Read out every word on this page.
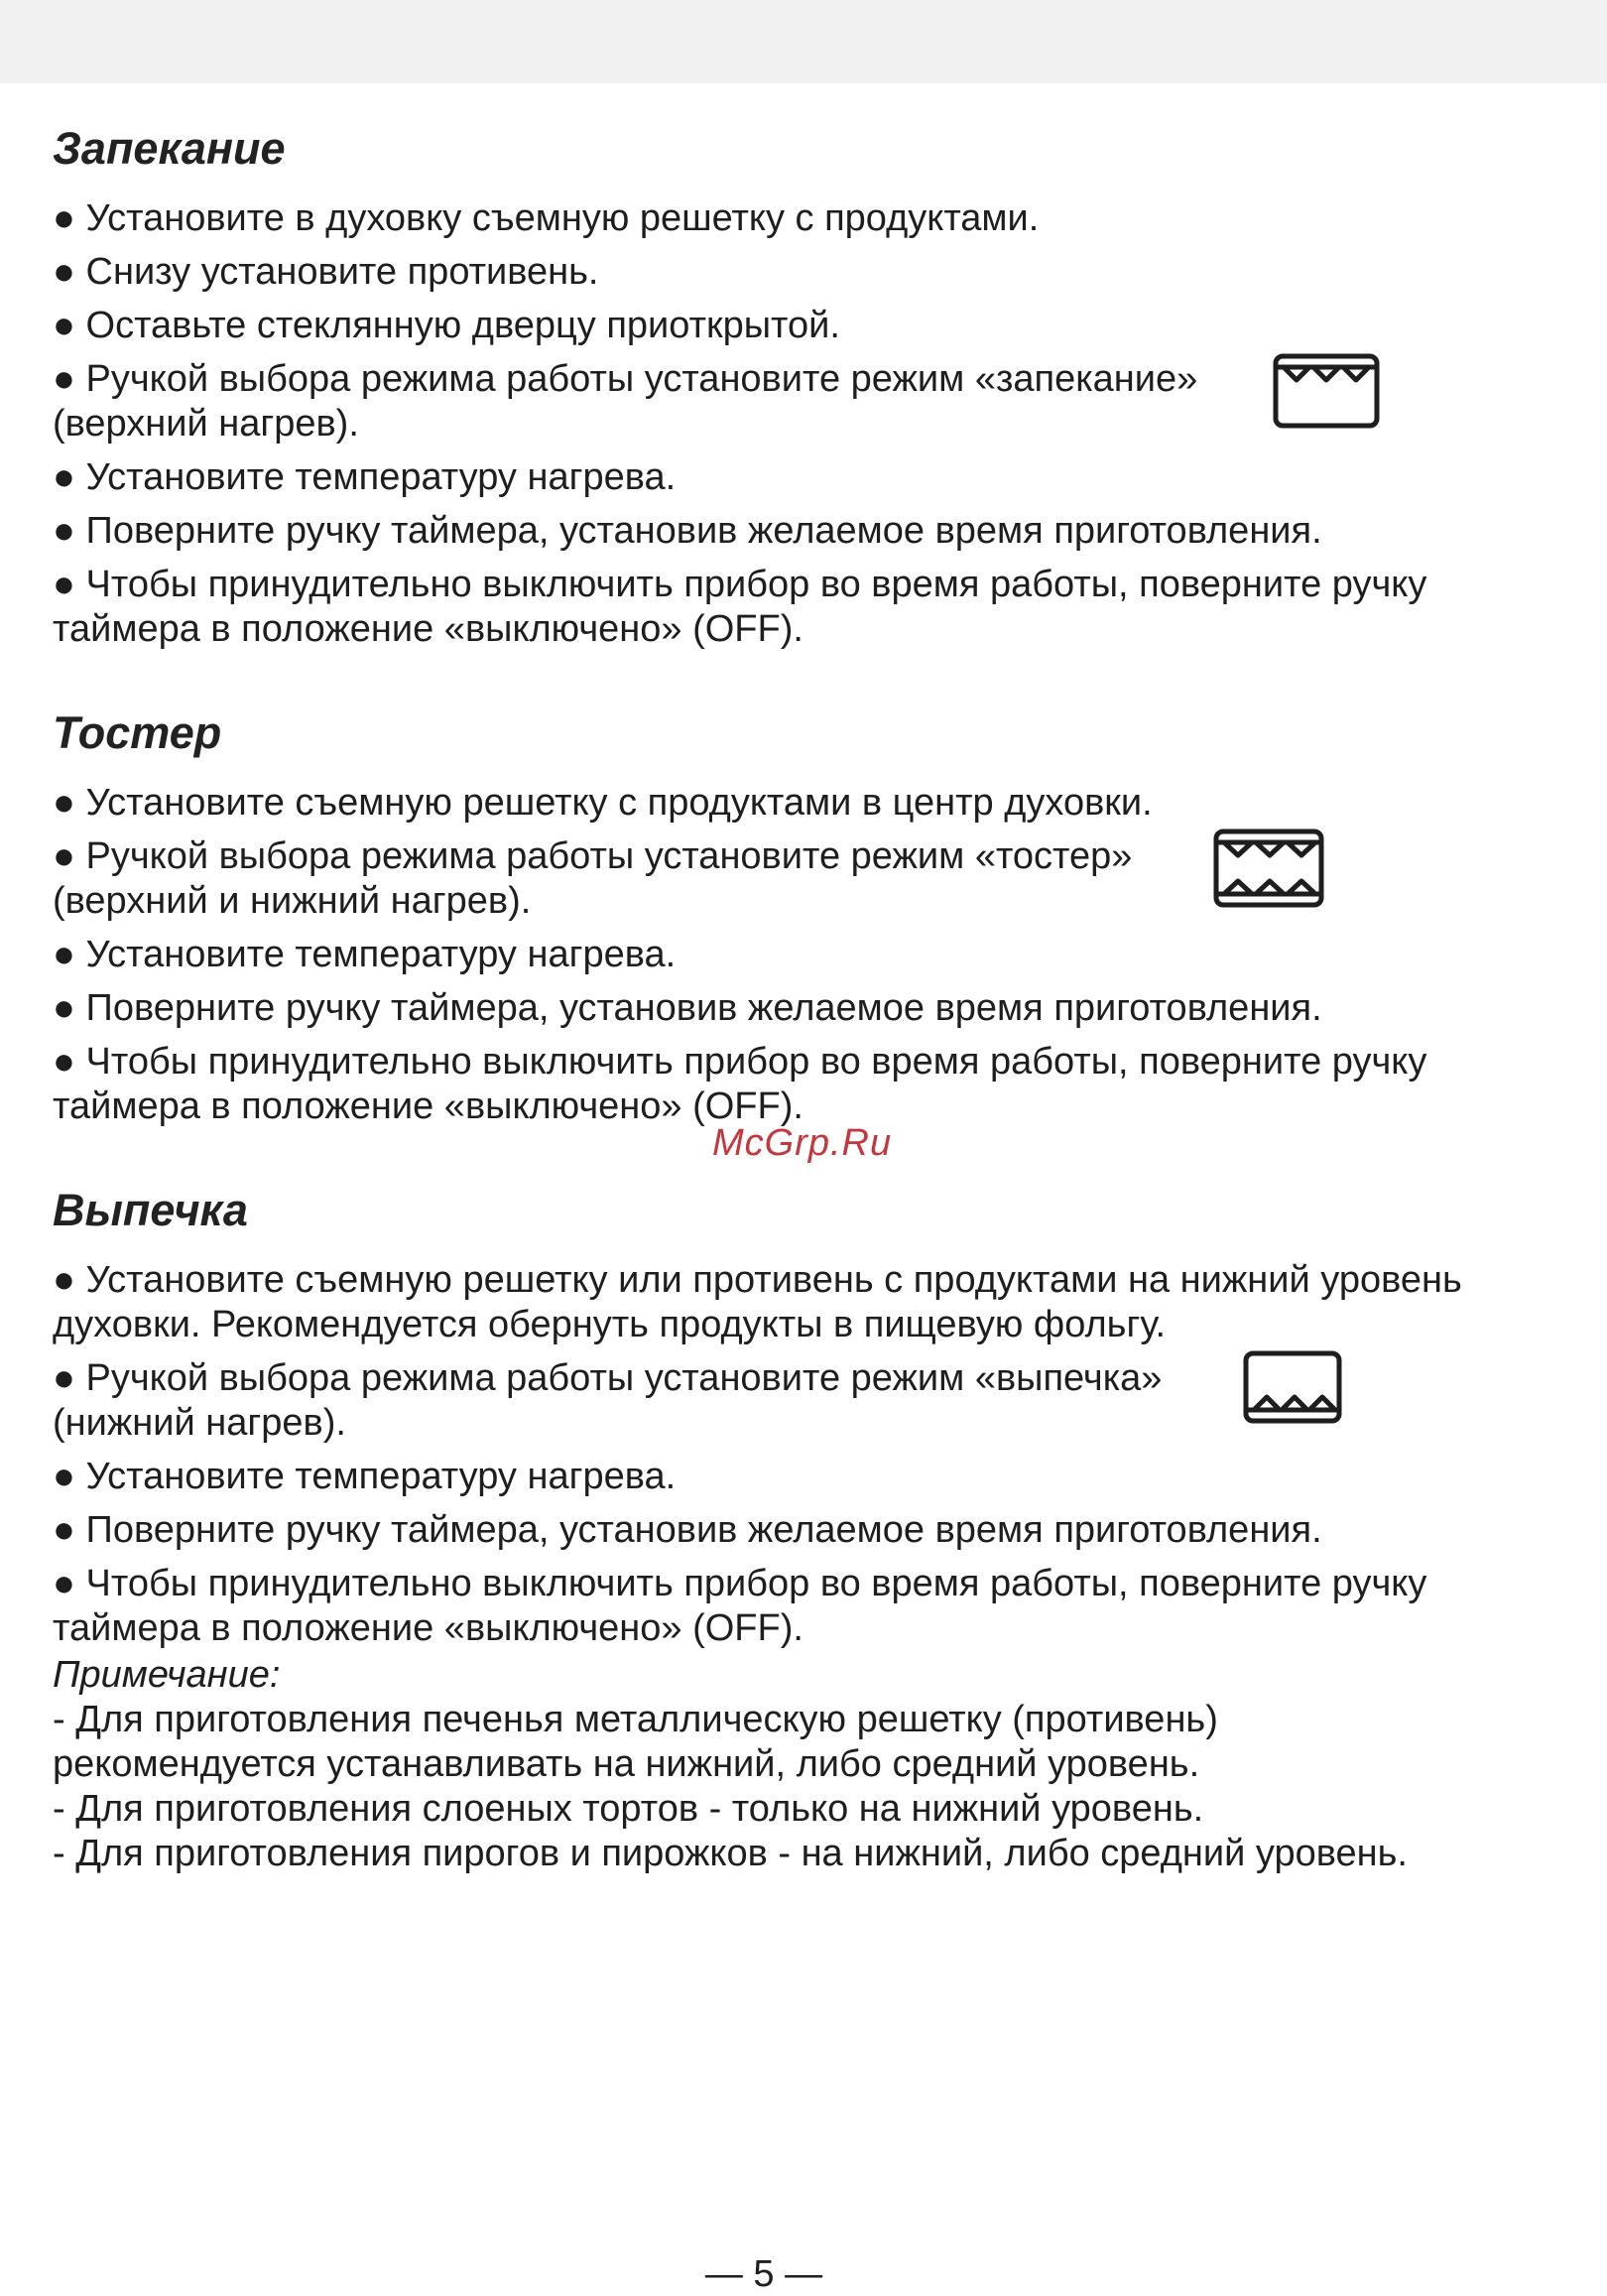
Запекание
● Установите в духовку съемную решетку с продуктами.
● Снизу установите противень.
● Оставьте стеклянную дверцу приоткрытой.
● Ручкой выбора режима работы установите режим «запекание»
(верхний нагрев).
● Установите температуру нагрева.
● Поверните ручку таймера, установив желаемое время приготовления.
● Чтобы принудительно выключить прибор во время работы, поверните ручку
таймера в положение «выключено» (OFF).
Тостер
● Установите съемную решетку с продуктами в центр духовки.
● Ручкой выбора режима работы установите режим «тостер»
(верхний и нижний нагрев).
● Установите температуру нагрева.
● Поверните ручку таймера, установив желаемое время приготовления.
● Чтобы принудительно выключить прибор во время работы, поверните ручку
таймера в положение «выключено» (OFF).
Выпечка
● Установите съемную решетку или противень с продуктами на нижний уровень
духовки. Рекомендуется обернуть продукты в пищевую фольгу.
● Ручкой выбора режима работы установите режим «выпечка»
(нижний нагрев).
● Установите температуру нагрева.
● Поверните ручку таймера, установив желаемое время приготовления.
● Чтобы принудительно выключить прибор во время работы, поверните ручку
таймера в положение «выключено» (OFF).
Примечание:
- Для приготовления печенья металлическую решетку (противень)
рекомендуется устанавливать на нижний, либо средний уровень.
- Для приготовления слоеных тортов - только на нижний уровень.
- Для приготовления пирогов и пирожков - на нижний, либо средний уровень.
McGrp.Ru
— 5 —
